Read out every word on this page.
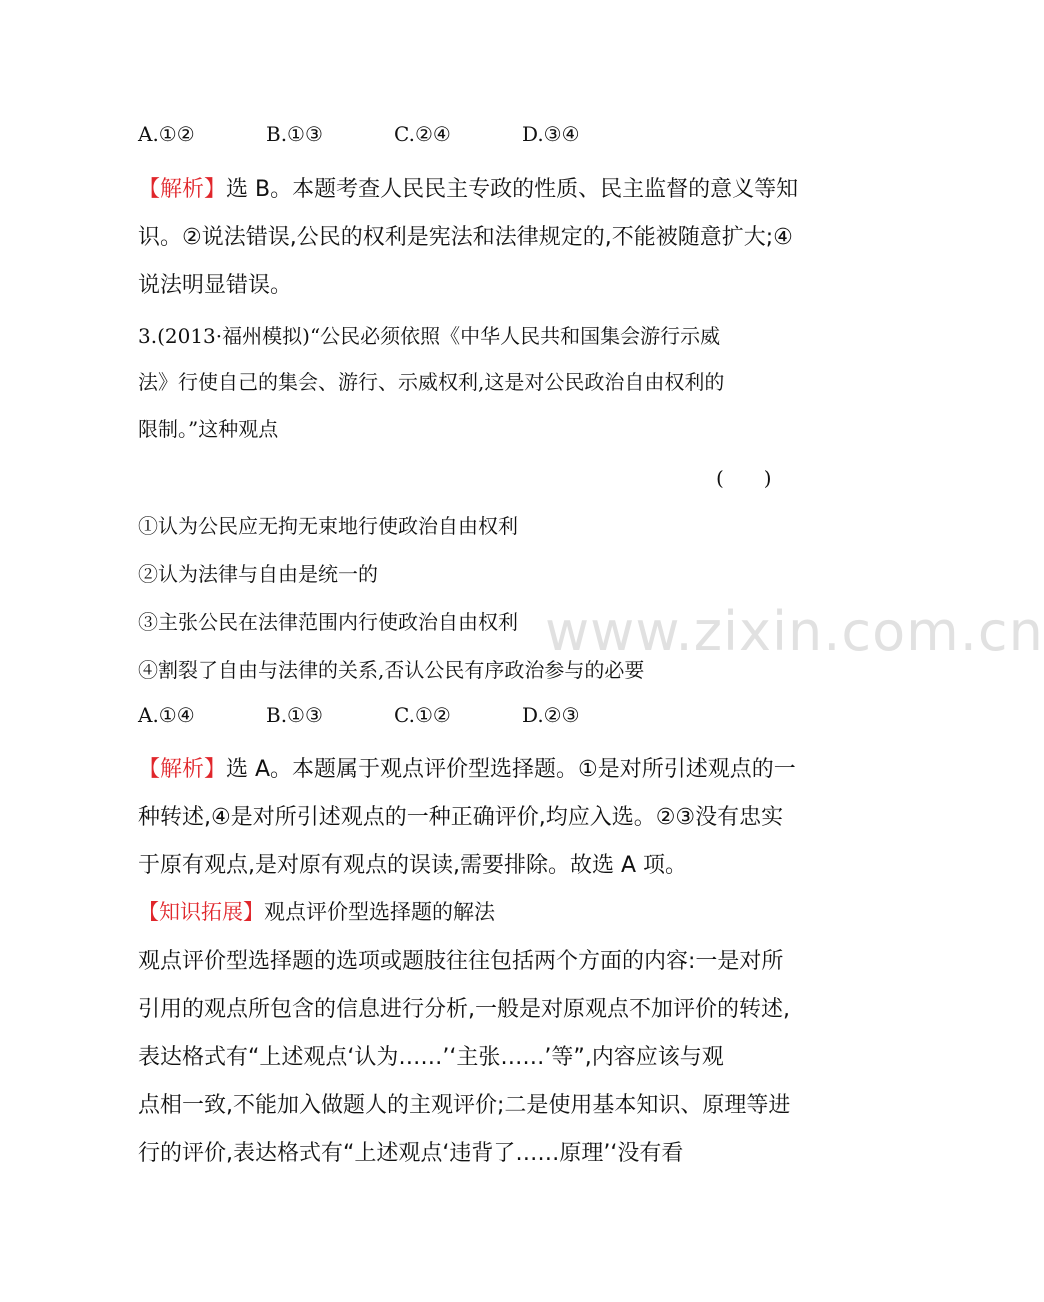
A.①②	B.①③	C.②④	D.③④
【解析】选 B。本题考查人民民主专政的性质、民主监督的意义等知
识。②说法错误,公民的权利是宪法和法律规定的,不能被随意扩大;④
说法明显错误。
3.(2013·福州模拟)“公民必须依照《中华人民共和国集会游行示威
法》行使自己的集会、游行、示威权利,这是对公民政治自由权利的
限制。”这种观点
(　　)
①认为公民应无拘无束地行使政治自由权利
②认为法律与自由是统一的
③主张公民在法律范围内行使政治自由权利
④割裂了自由与法律的关系,否认公民有序政治参与的必要
A.①④	B.①③	C.①②	D.②③
【解析】选 A。本题属于观点评价型选择题。①是对所引述观点的一
种转述,④是对所引述观点的一种正确评价,均应入选。②③没有忠实
于原有观点,是对原有观点的误读,需要排除。故选 A 项。
【知识拓展】观点评价型选择题的解法
观点评价型选择题的选项或题肢往往包括两个方面的内容:一是对所
引用的观点所包含的信息进行分析,一般是对原观点不加评价的转述,
表达格式有“上述观点‘认为……’‘主张……’等”,内容应该与观
点相一致,不能加入做题人的主观评价;二是使用基本知识、原理等进
行的评价,表达格式有“上述观点‘违背了……原理’‘没有看
www.zixin.com.cn
